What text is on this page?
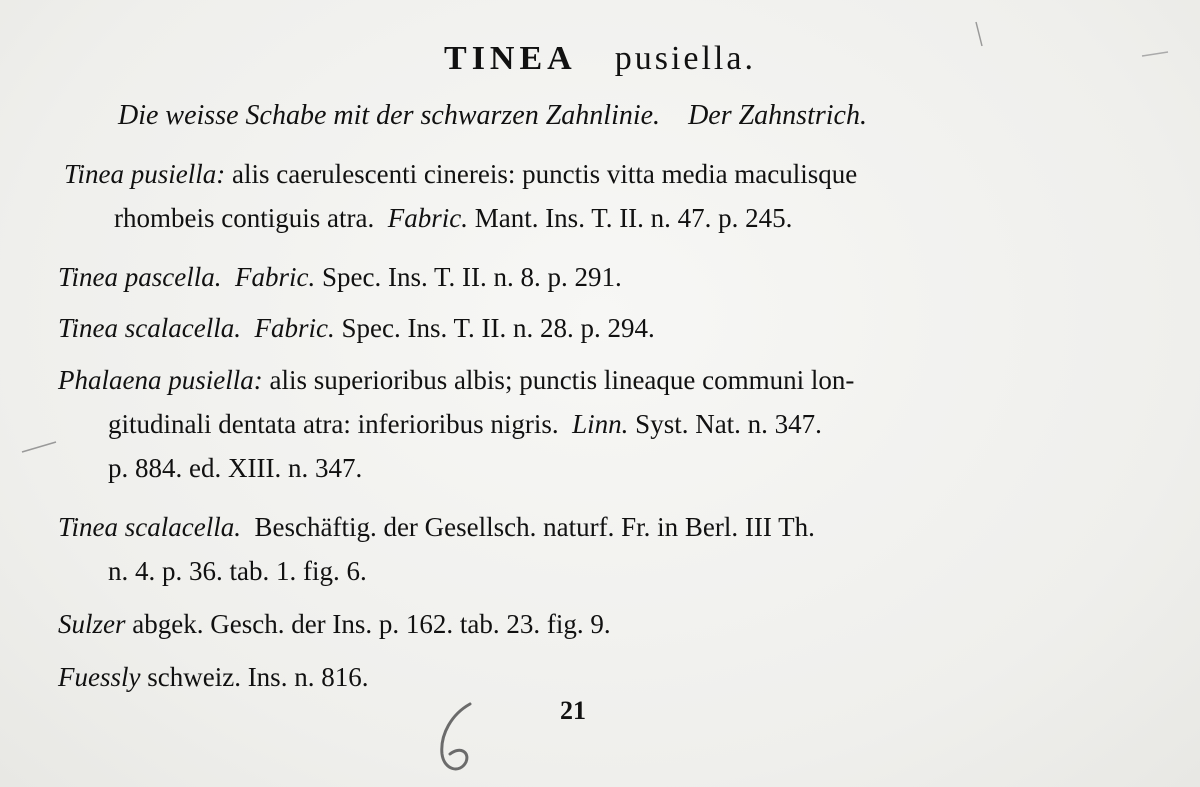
TINEA pusiella.
Die weisse Schabe mit der schwarzen Zahnlinie. Der Zahnstrich.
Tinea pusiella: alis caerulescenti cinereis: punctis vitta media maculisque
rhombeis contiguis atra. Fabric. Mant. Ins. T. II. n. 47. p. 245.
Tinea pascella. Fabric. Spec. Ins. T. II. n. 8. p. 291.
Tinea scalacella. Fabric. Spec. Ins. T. II. n. 28. p. 294.
Phalaena pusiella: alis superioribus albis; punctis lineaque communi lon-
gitudinali dentata atra: inferioribus nigris. Linn. Syst. Nat. n. 347.
p. 884. ed. XIII. n. 347.
Tinea scalacella. Beschäftig. der Gesellsch. naturf. Fr. in Berl. III Th.
n. 4. p. 36. tab. 1. fig. 6.
Sulzer abgek. Gesch. der Ins. p. 162. tab. 23. fig. 9.
Fuessly schweiz. Ins. n. 816.
21
